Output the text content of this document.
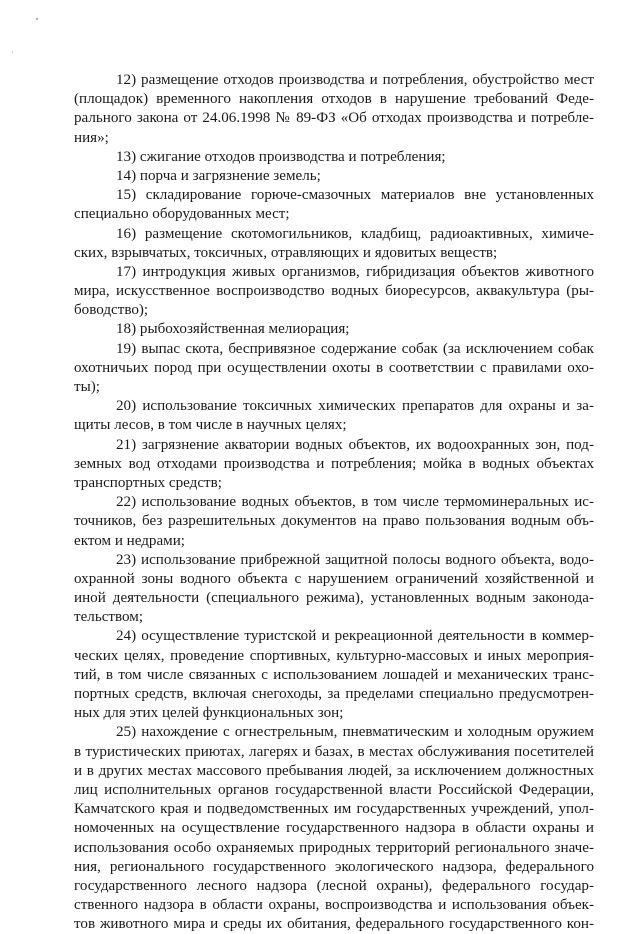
12) размещение отходов производства и потребления, обустройство мест
(площадок) временного накопления отходов в нарушение требований Феде-
рального закона от 24.06.1998 № 89-ФЗ «Об отходах производства и потребле-
ния»;
13) сжигание отходов производства и потребления;
14) порча и загрязнение земель;
15) складирование горюче-смазочных материалов вне установленных
специально оборудованных мест;
16) размещение скотомогильников, кладбищ, радиоактивных, химиче-
ских, взрывчатых, токсичных, отравляющих и ядовитых веществ;
17) интродукция живых организмов, гибридизация объектов животного
мира, искусственное воспроизводство водных биоресурсов, аквакультура (ры-
боводство);
18) рыбохозяйственная мелиорация;
19) выпас скота, беспривязное содержание собак (за исключением собак
охотничьих пород при осуществлении охоты в соответствии с правилами охо-
ты);
20) использование токсичных химических препаратов для охраны и за-
щиты лесов, в том числе в научных целях;
21) загрязнение акватории водных объектов, их водоохранных зон, под-
земных вод отходами производства и потребления; мойка в водных объектах
транспортных средств;
22) использование водных объектов, в том числе термоминеральных ис-
точников, без разрешительных документов на право пользования водным объ-
ектом и недрами;
23) использование прибрежной защитной полосы водного объекта, водо-
охранной зоны водного объекта с нарушением ограничений хозяйственной и
иной деятельности (специального режима), установленных водным законода-
тельством;
24) осуществление туристской и рекреационной деятельности в коммер-
ческих целях, проведение спортивных, культурно-массовых и иных мероприя-
тий, в том числе связанных с использованием лошадей и механических транс-
портных средств, включая снегоходы, за пределами специально предусмотрен-
ных для этих целей функциональных зон;
25) нахождение с огнестрельным, пневматическим и холодным оружием
в туристических приютах, лагерях и базах, в местах обслуживания посетителей
и в других местах массового пребывания людей, за исключением должностных
лиц исполнительных органов государственной власти Российской Федерации,
Камчатского края и подведомственных им государственных учреждений, упол-
номоченных на осуществление государственного надзора в области охраны и
использования особо охраняемых природных территорий регионального значе-
ния, регионального государственного экологического надзора, федерального
государственного лесного надзора (лесной охраны), федерального государ-
ственного надзора в области охраны, воспроизводства и использования объек-
тов животного мира и среды их обитания, федерального государственного кон-
